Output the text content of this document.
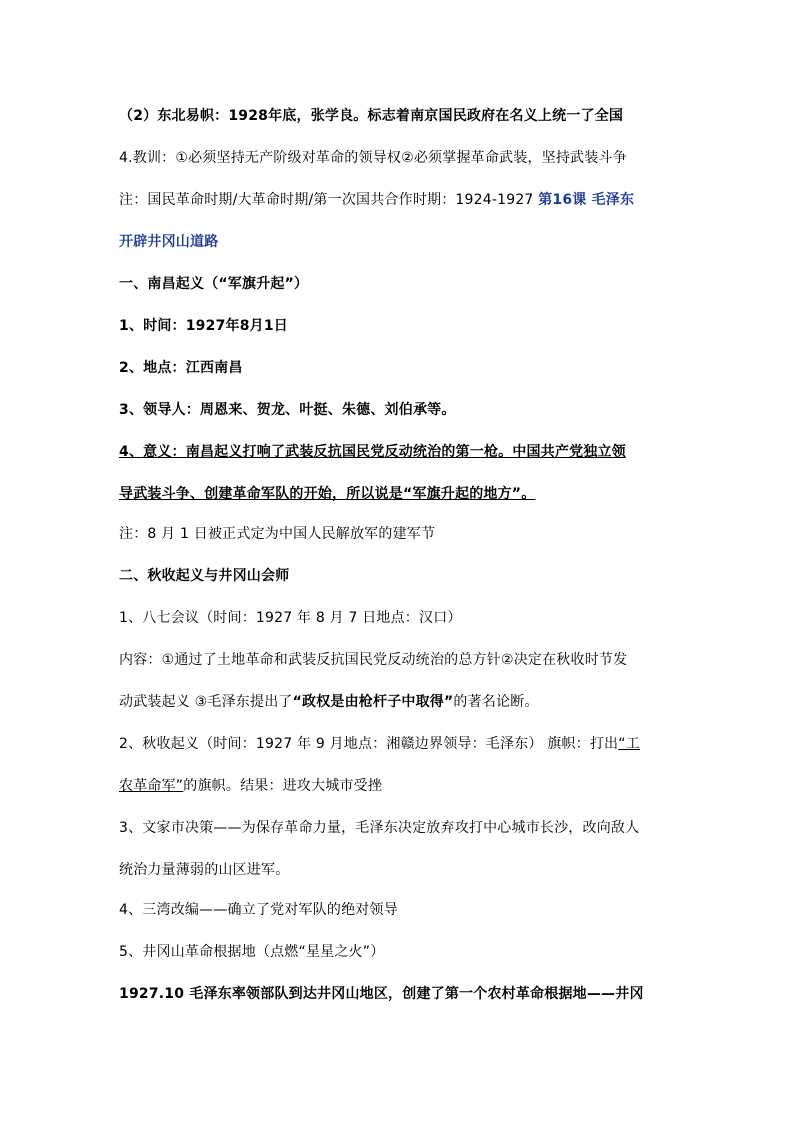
（2）东北易帜：1928年底，张学良。标志着南京国民政府在名义上统一了全国
4.教训：①必须坚持无产阶级对革命的领导权②必须掌握革命武装，坚持武装斗争
注：国民革命时期/大革命时期/第一次国共合作时期：1924-1927 第16课 毛泽东
开辟井冈山道路
一、南昌起义（“军旗升起”）
1、时间：1927年8月1日
2、地点：江西南昌
3、领导人：周恩来、贺龙、叶挺、朱德、刘伯承等。
4、意义：南昌起义打响了武装反抗国民党反动统治的第一枪。中国共产党独立领
导武装斗争、创建革命军队的开始，所以说是“军旗升起的地方”。
注：8 月 1 日被正式定为中国人民解放军的建军节
二、秋收起义与井冈山会师
1、八七会议（时间：1927 年 8 月 7 日地点：汉口）
内容：①通过了土地革命和武装反抗国民党反动统治的总方针②决定在秋收时节发
动武装起义 ③毛泽东提出了“政权是由枪杆子中取得”的著名论断。
2、秋收起义（时间：1927 年 9 月地点：湘赣边界领导：毛泽东） 旗帜：打出“工
农革命军”的旗帜。结果：进攻大城市受挫
3、文家市决策——为保存革命力量，毛泽东决定放弃攻打中心城市长沙，改向敌人
统治力量薄弱的山区进军。
4、三湾改编——确立了党对军队的绝对领导
5、井冈山革命根据地（点燃“星星之火”）
1927.10 毛泽东率领部队到达井冈山地区，创建了第一个农村革命根据地——井冈
